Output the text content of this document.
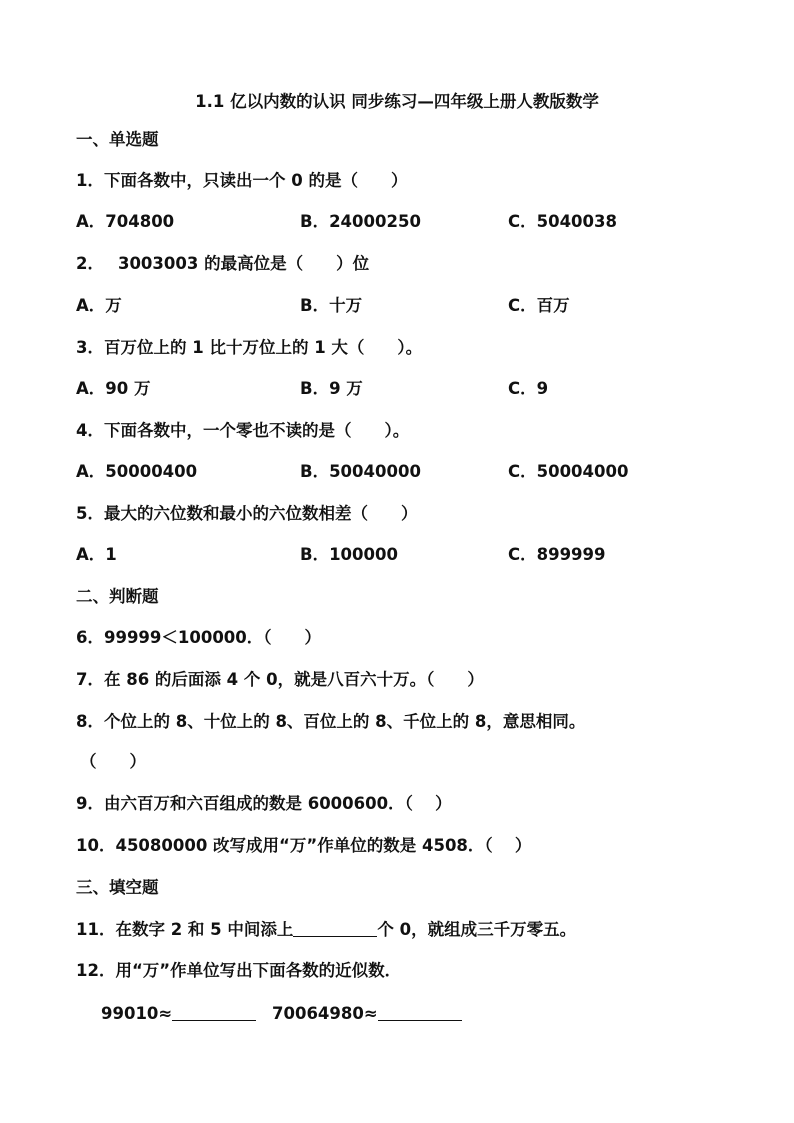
1.1 亿以内数的认识 同步练习—四年级上册人教版数学
一、单选题
1．下面各数中，只读出一个 0 的是（　　）
A．704800	B．24000250	C．5040038
2．　 3003003 的最高位是（　　）位
A．万	B．十万	C．百万
3．百万位上的 1 比十万位上的 1 大（　　）。
A．90 万	B．9 万	C．9
4．下面各数中，一个零也不读的是（　　）。
A．50000400	B．50040000	C．50004000
5．最大的六位数和最小的六位数相差（　　）
A．1	B．100000	C．899999
二、判断题
6．99999＜100000．（　　）
7．在 86 的后面添 4 个 0，就是八百六十万。（　　）
8．个位上的 8、十位上的 8、百位上的 8、千位上的 8，意思相同。
（　　）
9．由六百万和六百组成的数是 6000600．（　 ）
10．45080000 改写成用“万”作单位的数是 4508．（　 ）
三、填空题
11．在数字 2 和 5 中间添上	个 0，就组成三千万零五。
12．用“万”作单位写出下面各数的近似数．
99010≈	70064980≈
